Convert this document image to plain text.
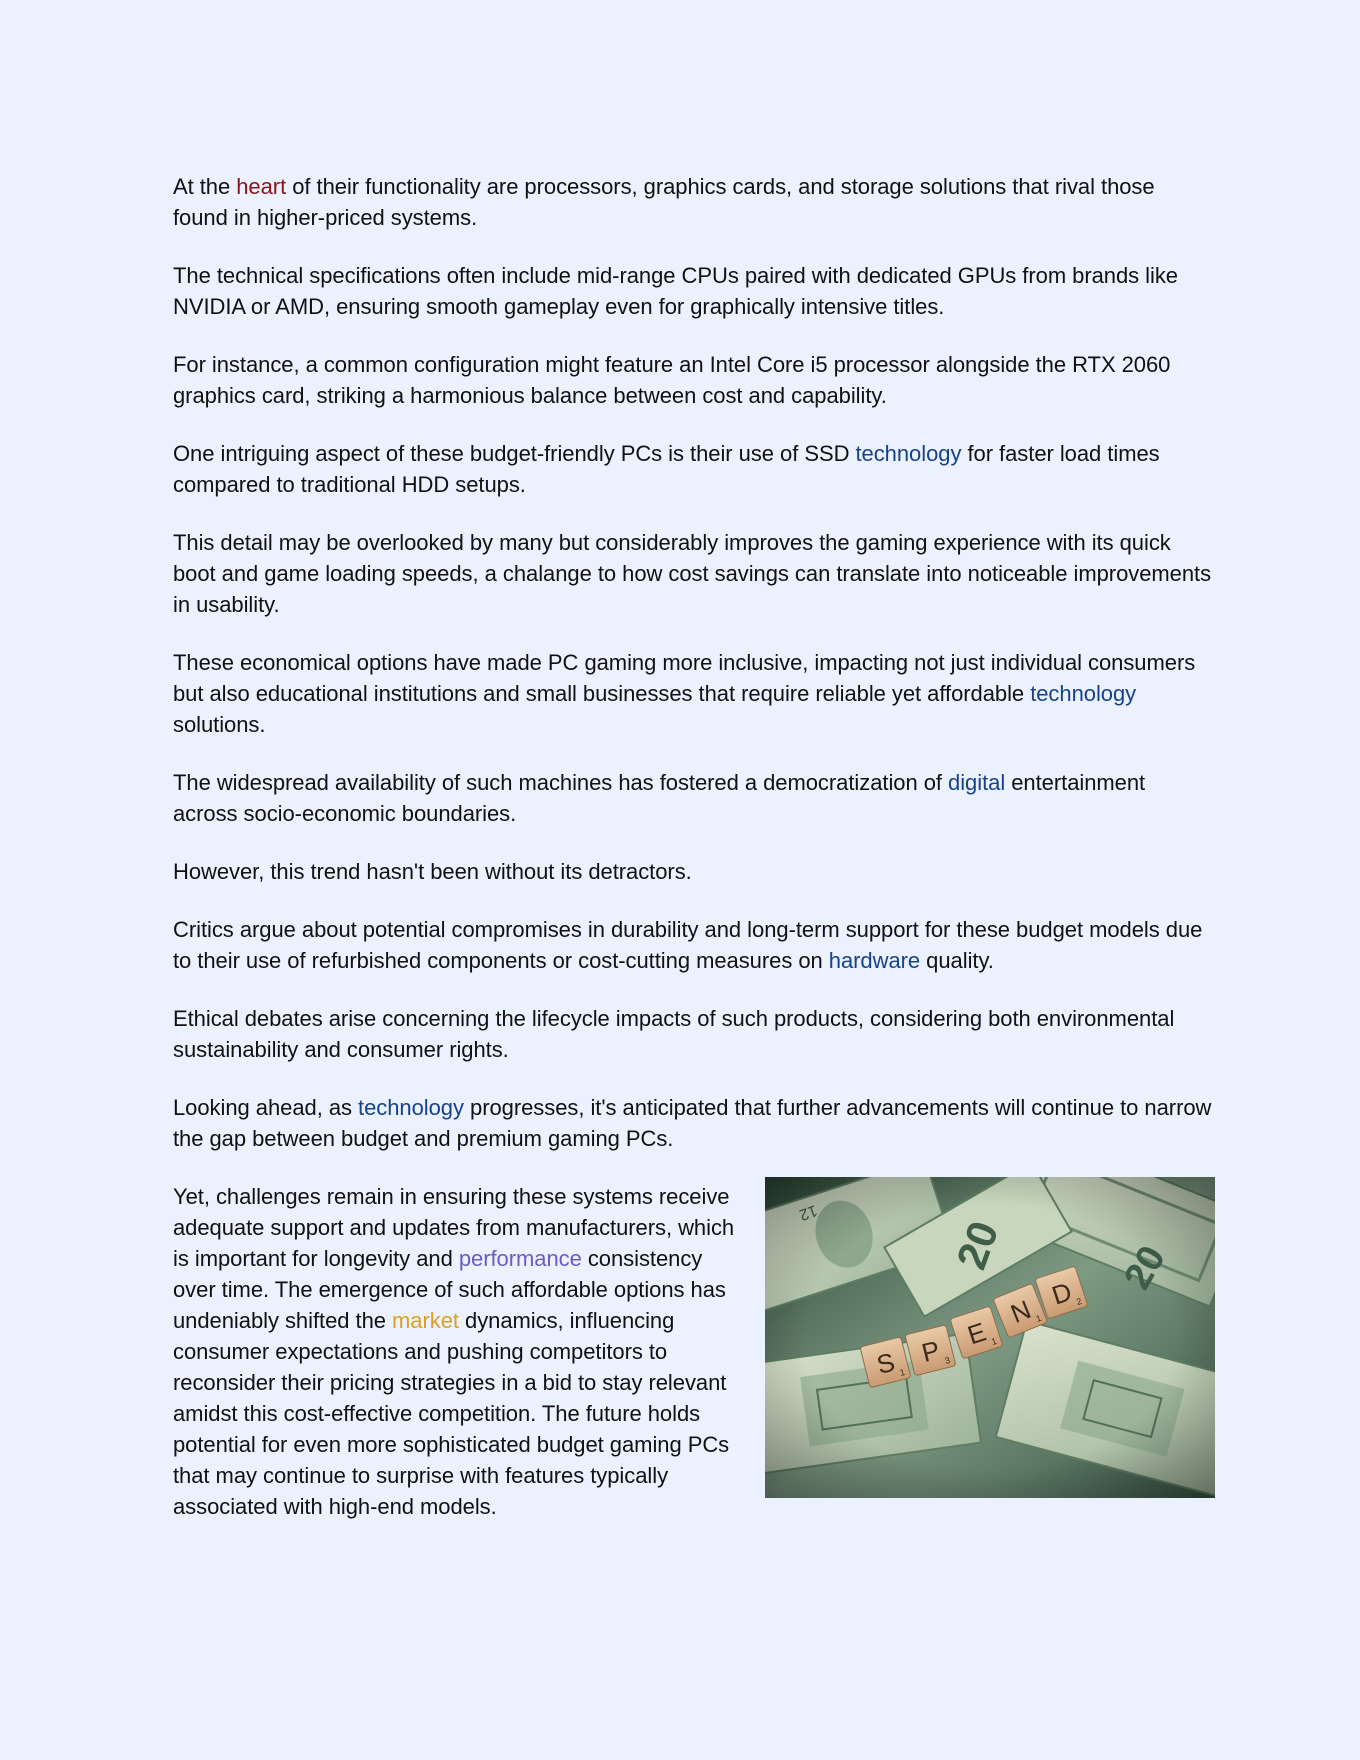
At the heart of their functionality are processors, graphics cards, and storage solutions that rival those found in higher-priced systems.

The technical specifications often include mid-range CPUs paired with dedicated GPUs from brands like NVIDIA or AMD, ensuring smooth gameplay even for graphically intensive titles.

For instance, a common configuration might feature an Intel Core i5 processor alongside the RTX 2060 graphics card, striking a harmonious balance between cost and capability.

One intriguing aspect of these budget-friendly PCs is their use of SSD technology for faster load times compared to traditional HDD setups.

This detail may be overlooked by many but considerably improves the gaming experience with its quick boot and game loading speeds, a chalange to how cost savings can translate into noticeable improvements in usability.

These economical options have made PC gaming more inclusive, impacting not just individual consumers but also educational institutions and small businesses that require reliable yet affordable technology solutions.

The widespread availability of such machines has fostered a democratization of digital entertainment across socio-economic boundaries.

However, this trend hasn't been without its detractors.

Critics argue about potential compromises in durability and long-term support for these budget models due to their use of refurbished components or cost-cutting measures on hardware quality.

Ethical debates arise concerning the lifecycle impacts of such products, considering both environmental sustainability and consumer rights.

Looking ahead, as technology progresses, it's anticipated that further advancements will continue to narrow the gap between budget and premium gaming PCs.

Yet, challenges remain in ensuring these systems receive adequate support and updates from manufacturers, which is important for longevity and performance consistency over time. The emergence of such affordable options has undeniably shifted the market dynamics, influencing consumer expectations and pushing competitors to reconsider their pricing strategies in a bid to stay relevant amidst this cost-effective competition. The future holds potential for even more sophisticated budget gaming PCs that may continue to surprise with features typically associated with high-end models.
